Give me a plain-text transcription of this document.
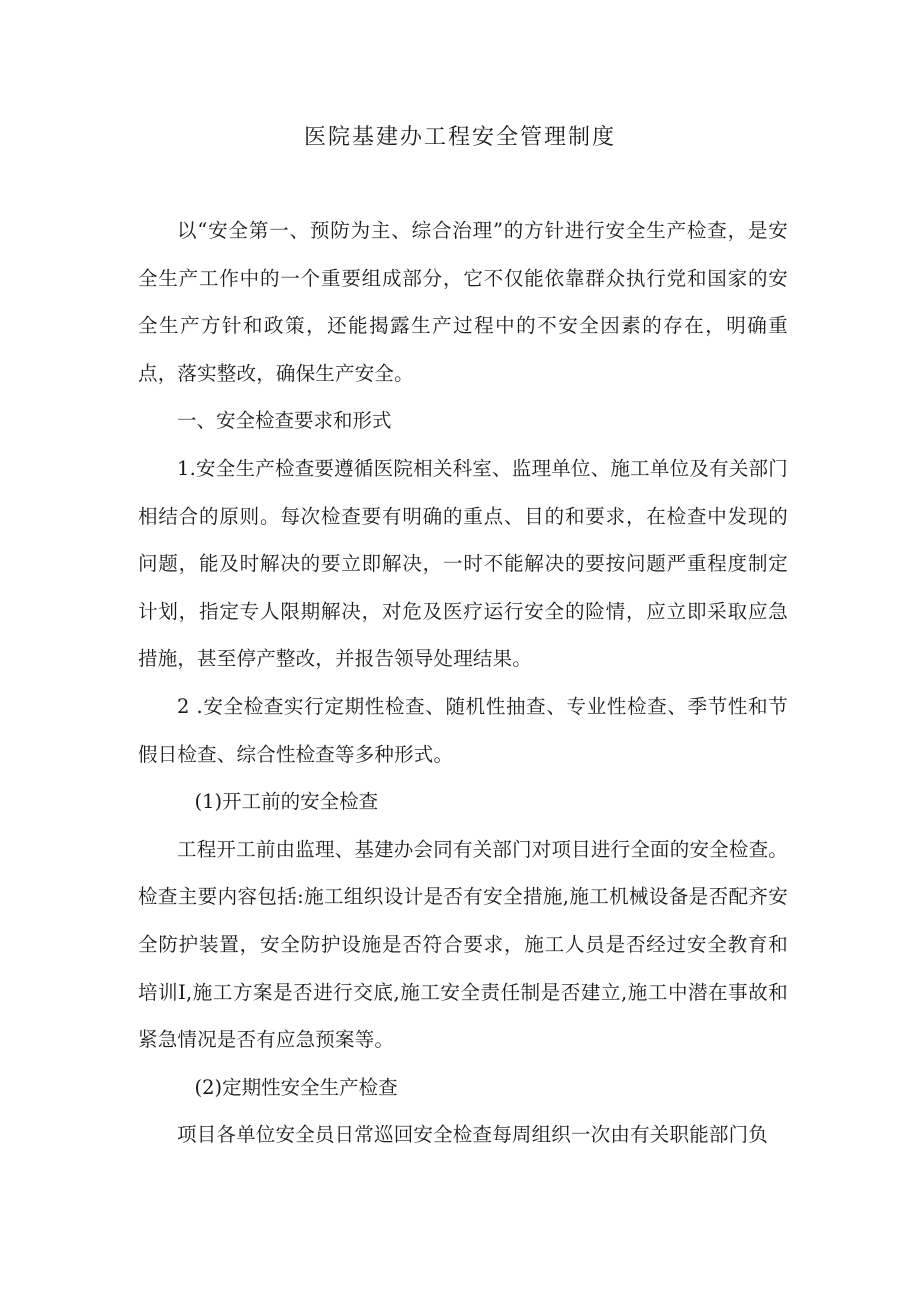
医院基建办工程安全管理制度

以“安全第一、预防为主、综合治理”的方针进行安全生产检查，是安全生产工作中的一个重要组成部分，它不仅能依靠群众执行党和国家的安全生产方针和政策，还能揭露生产过程中的不安全因素的存在，明确重点，落实整改，确保生产安全。

一、安全检查要求和形式

1.安全生产检查要遵循医院相关科室、监理单位、施工单位及有关部门相结合的原则。每次检查要有明确的重点、目的和要求，在检查中发现的问题，能及时解决的要立即解决，一时不能解决的要按问题严重程度制定计划，指定专人限期解决，对危及医疗运行安全的险情，应立即采取应急措施，甚至停产整改，并报告领导处理结果。

2 .安全检查实行定期性检查、随机性抽查、专业性检查、季节性和节假日检查、综合性检查等多种形式。

(1)开工前的安全检查

工程开工前由监理、基建办会同有关部门对项目进行全面的安全检查。检查主要内容包括:施工组织设计是否有安全措施,施工机械设备是否配齐安全防护装置，安全防护设施是否符合要求，施工人员是否经过安全教育和培训I,施工方案是否进行交底,施工安全责任制是否建立,施工中潜在事故和紧急情况是否有应急预案等。

(2)定期性安全生产检查

项目各单位安全员日常巡回安全检查每周组织一次由有关职能部门负
